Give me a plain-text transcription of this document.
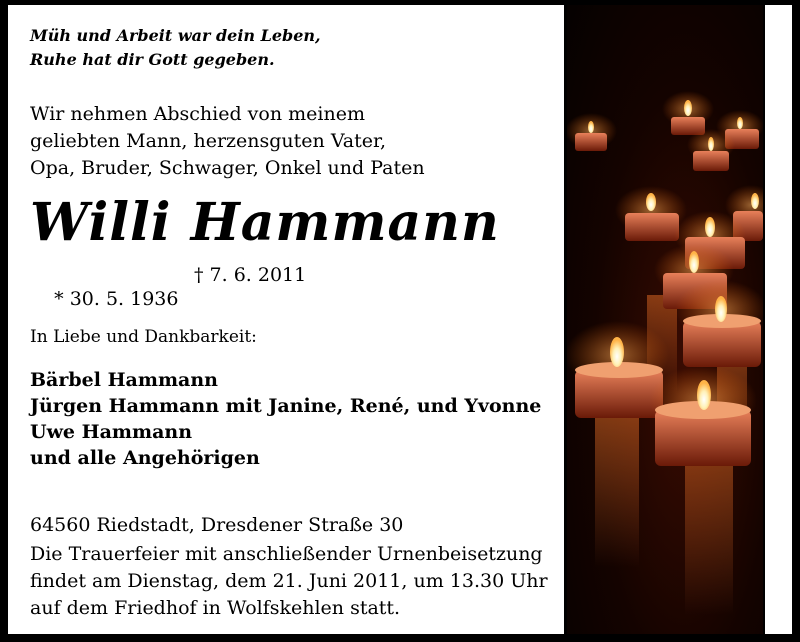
Müh und Arbeit war dein Leben,
Ruhe hat dir Gott gegeben.
Wir nehmen Abschied von meinem
geliebten Mann, herzensguten Vater,
Opa, Bruder, Schwager, Onkel und Paten
Willi Hammann

* 30. 5. 1936

† 7. 6. 2011

In Liebe und Dankbarkeit:
Bärbel Hammann
Jürgen Hammann mit Janine, René, und Yvonne
Uwe Hammann
und alle Angehörigen
64560 Riedstadt, Dresdener Straße 30
Die Trauerfeier mit anschließender Urnenbeisetzung
findet am Dienstag, dem 21. Juni 2011, um 13.30 Uhr
auf dem Friedhof in Wolfskehlen statt.
